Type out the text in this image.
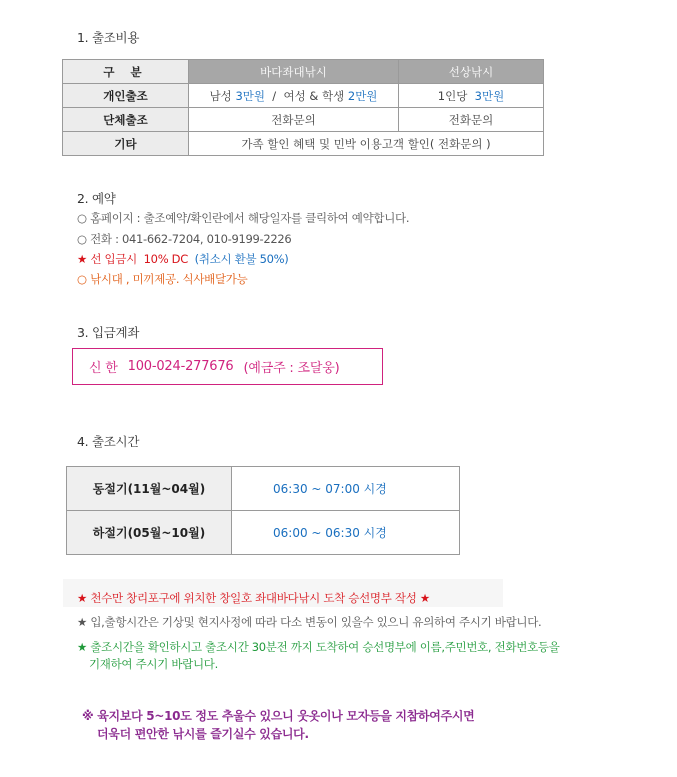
1. 출조비용
구 분	바다좌대낚시	선상낚시
개인출조	남성 3만원  /  여성 & 학생 2만원	1인당  3만원
단체출조	전화문의	전화문의
기타	가족 할인 혜택 및 민박 이용고객 할인( 전화문의 )	
2. 예약
○ 홈페이지 : 출조예약/확인란에서 해당일자를 클릭하여 예약합니다.
○ 전화 : 041-662-7204, 010-9199-2226
★ 선 입금시  10% DC  (취소시 환불 50%)
○ 낚시대 , 미끼제공. 식사배달가능
3. 입금계좌
신 한 100-024-277676 (예금주 : 조달웅)
4. 출조시간
동절기(11월~04월)	06:30 ~ 07:00 시경
하절기(05월~10월)	06:00 ~ 06:30 시경
★ 천수만 창리포구에 위치한 창일호 좌대바다낚시 도착 승선명부 작성 ★
★ 입,출항시간은 기상및 현지사정에 따라 다소 변동이 있을수 있으니 유의하여 주시기 바랍니다.
★ 출조시간을 확인하시고 출조시간 30분전 까지 도착하여 승선명부에 이름,주민번호, 전화번호등을
기재하여 주시기 바랍니다.
※ 육지보다 5~10도 정도 추울수 있으니 웃옷이나 모자등을 지참하여주시면
더욱더 편안한 낚시를 즐기실수 있습니다.
